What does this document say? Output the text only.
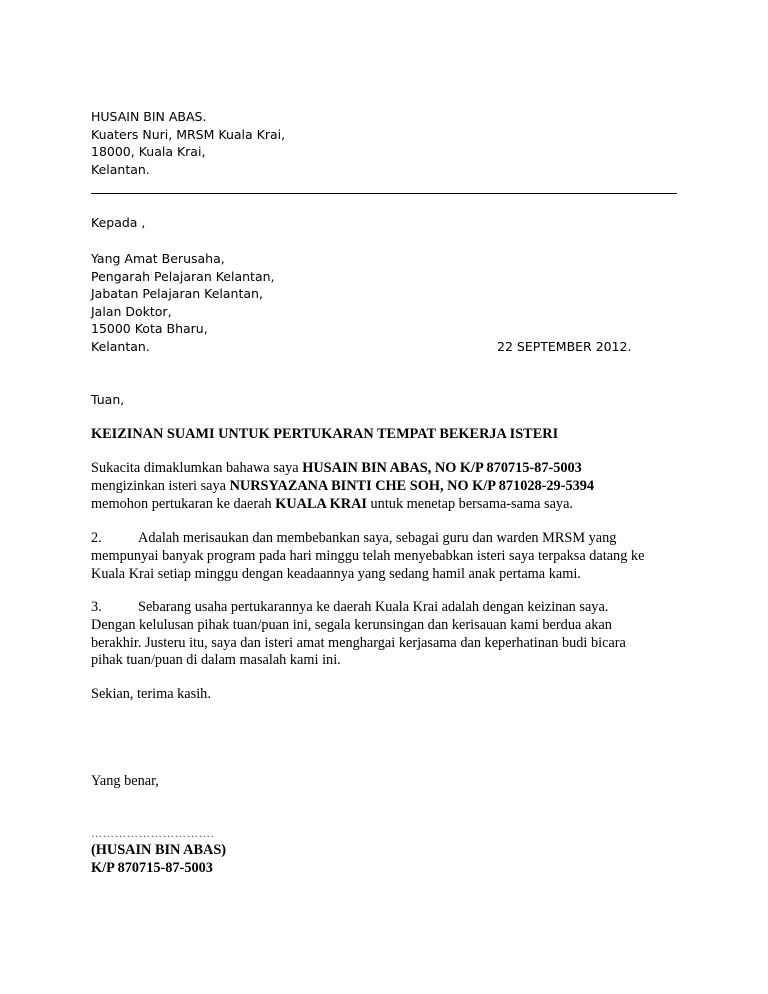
HUSAIN BIN ABAS.
Kuaters Nuri, MRSM Kuala Krai,
18000, Kuala Krai,
Kelantan.
Kepada ,
Yang Amat Berusaha,
Pengarah Pelajaran Kelantan,
Jabatan Pelajaran Kelantan,
Jalan Doktor,
15000 Kota Bharu,
Kelantan.	22 SEPTEMBER 2012.
Tuan,
KEIZINAN SUAMI UNTUK PERTUKARAN TEMPAT BEKERJA ISTERI
Sukacita dimaklumkan bahawa saya HUSAIN BIN ABAS, NO K/P 870715-87-5003
mengizinkan isteri saya NURSYAZANA BINTI CHE SOH, NO K/P 871028-29-5394
memohon pertukaran ke daerah KUALA KRAI untuk menetap bersama-sama saya.
2.	Adalah merisaukan dan membebankan saya, sebagai guru dan warden MRSM yang
mempunyai banyak program pada hari minggu telah menyebabkan isteri saya terpaksa datang ke
Kuala Krai setiap minggu dengan keadaannya yang sedang hamil anak pertama kami.
3.	Sebarang usaha pertukarannya ke daerah Kuala Krai adalah dengan keizinan saya.
Dengan kelulusan pihak tuan/puan ini, segala kerunsingan dan kerisauan kami berdua akan
berakhir. Justeru itu, saya dan isteri amat menghargai kerjasama dan keperhatinan budi bicara
pihak tuan/puan di dalam masalah kami ini.
Sekian, terima kasih.
Yang benar,
………………………….
(HUSAIN BIN ABAS)
K/P 870715-87-5003
